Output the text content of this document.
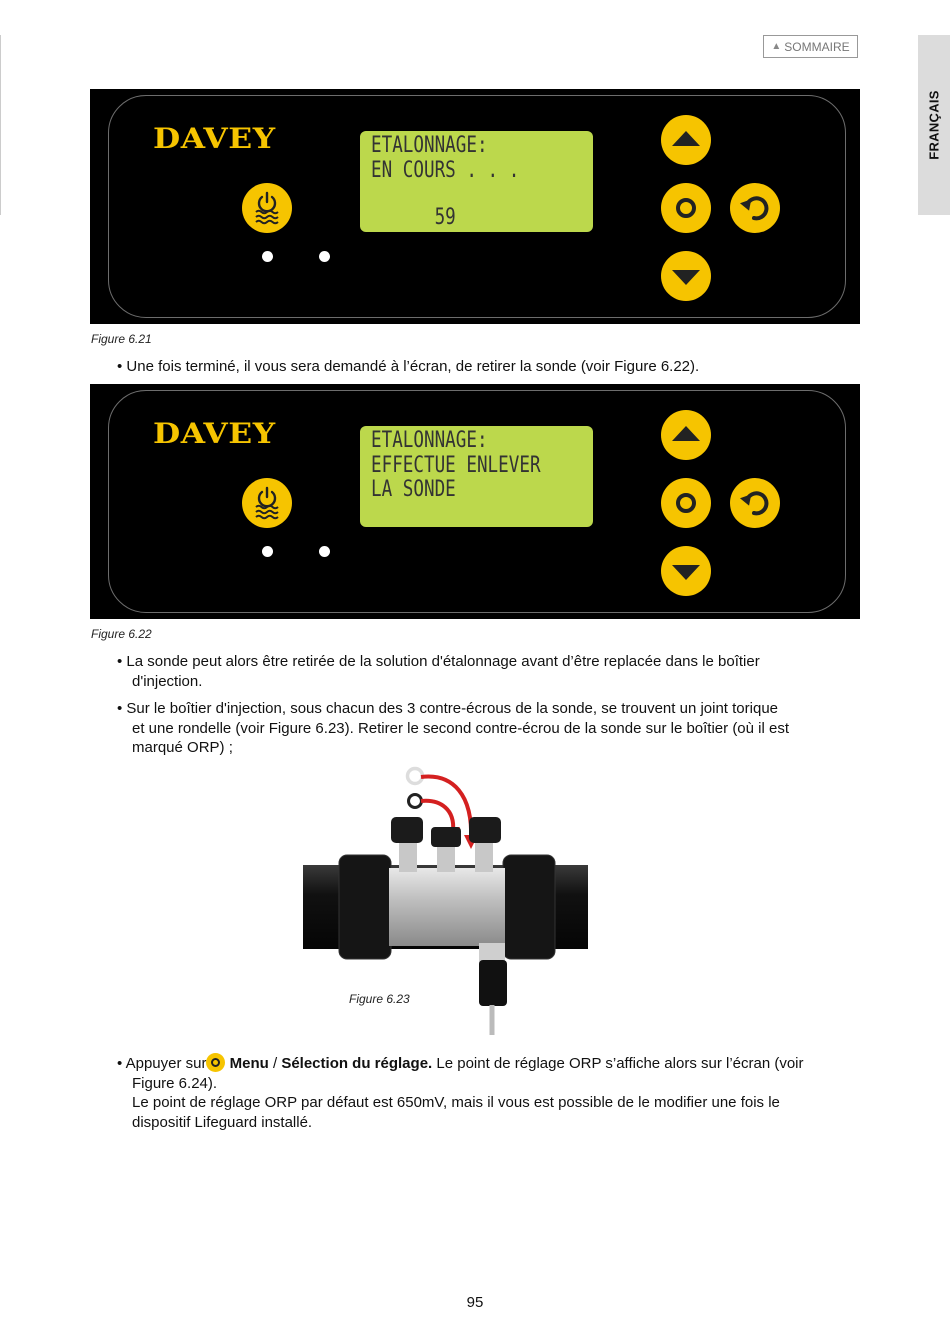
▲ SOMMAIRE
FRANÇAIS
DAVEY	ETALONNAGE:
EN COURS . . .
59
Figure 6.21
• Une fois terminé, il vous sera demandé à l’écran, de retirer la sonde (voir Figure 6.22).
DAVEY	ETALONNAGE:
EFFECTUE ENLEVER
LA SONDE
Figure 6.22
• La sonde peut alors être retirée de la solution d'étalonnage avant d’être replacée dans le boîtier
d'injection.
• Sur le boîtier d'injection, sous chacun des 3 contre-écrous de la sonde, se trouvent un joint torique
et une rondelle (voir Figure 6.23). Retirer le second contre-écrou de la sonde sur le boîtier (où il est
marqué ORP) ;
Figure 6.23
• Appuyer sur Menu / Sélection du réglage. Le point de réglage ORP s’affiche alors sur l’écran (voir
Figure 6.24).
Le point de réglage ORP par défaut est 650mV, mais il vous est possible de le modifier une fois le
dispositif Lifeguard installé.
95
